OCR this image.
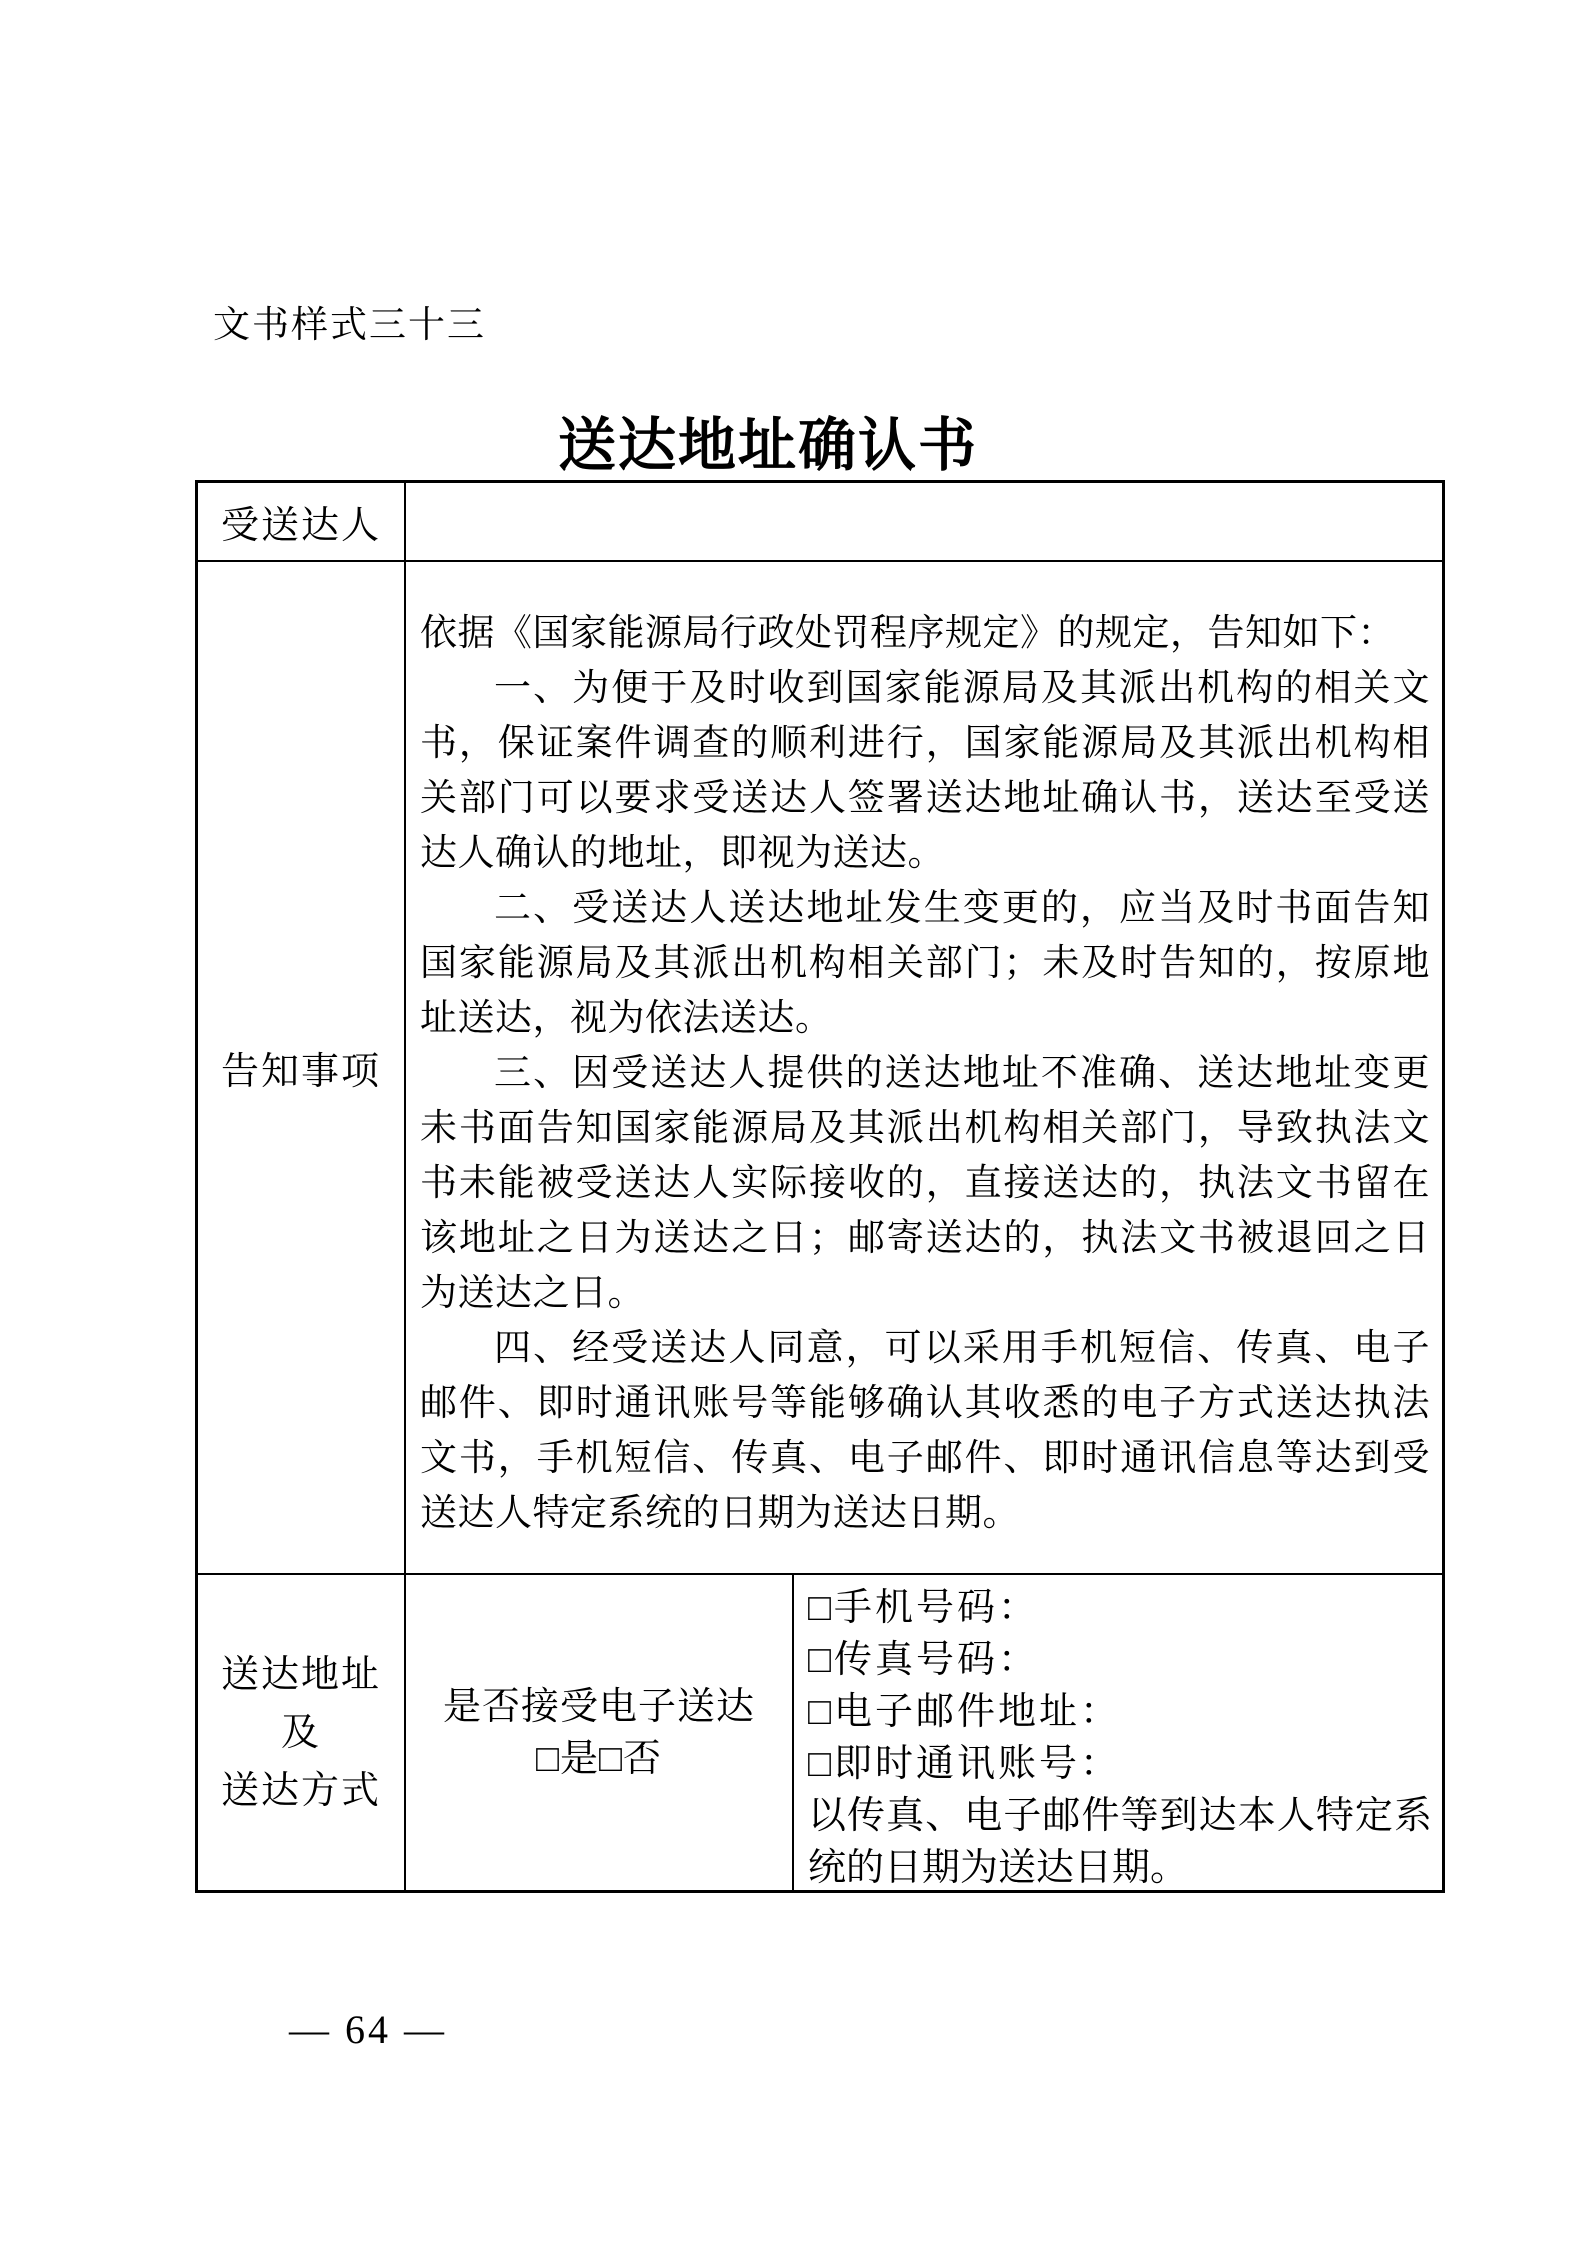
文书样式三十三
送达地址确认书
受送达人
告知事项

依据《国家能源局行政处罚程序规定》的规定，告知如下：

一、为便于及时收到国家能源局及其派出机构的相关文书，保证案件调查的顺利进行，国家能源局及其派出机构相关部门可以要求受送达人签署送达地址确认书，送达至受送达人确认的地址，即视为送达。

二、受送达人送达地址发生变更的，应当及时书面告知国家能源局及其派出机构相关部门；未及时告知的，按原地址送达，视为依法送达。

三、因受送达人提供的送达地址不准确、送达地址变更未书面告知国家能源局及其派出机构相关部门，导致执法文书未能被受送达人实际接收的，直接送达的，执法文书留在该地址之日为送达之日；邮寄送达的，执法文书被退回之日为送达之日。

四、经受送达人同意，可以采用手机短信、传真、电子邮件、即时通讯账号等能够确认其收悉的电子方式送达执法文书，手机短信、传真、电子邮件、即时通讯信息等达到受送达人特定系统的日期为送达日期。

送达地址
及
送达方式
是否接受电子送达
□是□否
□手机号码：
□传真号码：
□电子邮件地址：
□即时通讯账号：
以传真、电子邮件等到达本人特定系统的日期为送达日期。
— 64 —
